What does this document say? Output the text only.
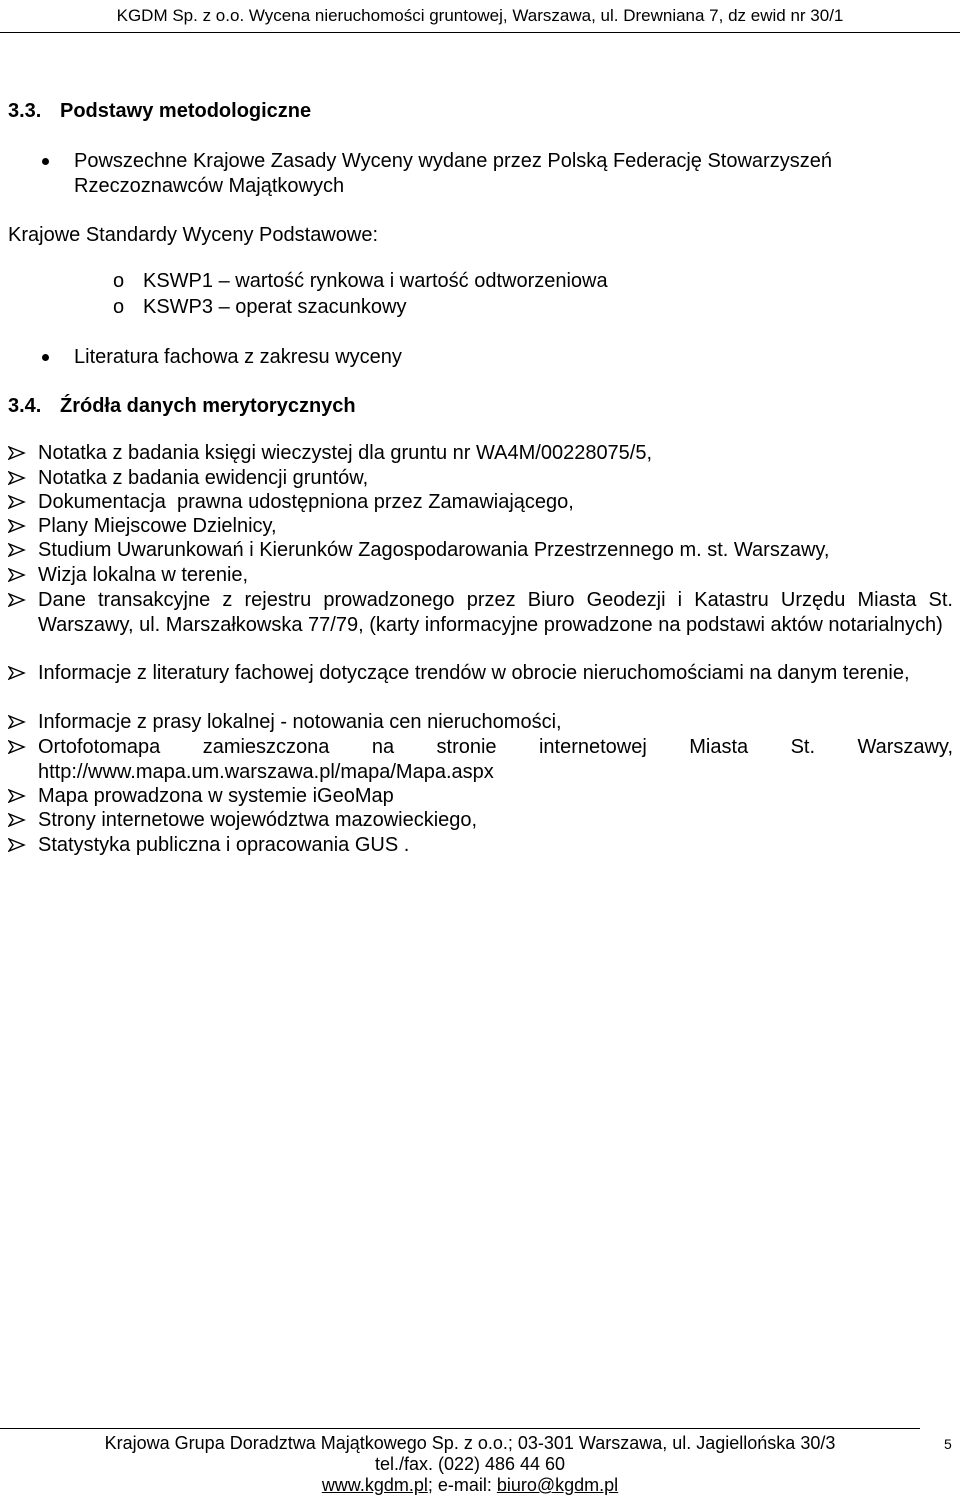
KGDM Sp. z o.o. Wycena nieruchomości gruntowej, Warszawa, ul. Drewniana 7, dz ewid nr 30/1
3.3. Podstawy metodologiczne
Powszechne Krajowe Zasady Wyceny wydane przez Polską Federację Stowarzyszeń
Rzeczoznawców Majątkowych
Krajowe Standardy Wyceny Podstawowe:
o KSWP1 – wartość rynkowa i wartość odtworzeniowa
o KSWP3 – operat szacunkowy
Literatura fachowa z zakresu wyceny
3.4. Źródła danych merytorycznych
Notatka z badania księgi wieczystej dla gruntu nr WA4M/00228075/5,
Notatka z badania ewidencji gruntów,
Dokumentacja  prawna udostępniona przez Zamawiającego,
Plany Miejscowe Dzielnicy,
Studium Uwarunkowań i Kierunków Zagospodarowania Przestrzennego m. st. Warszawy,
Wizja lokalna w terenie,
Dane transakcyjne z rejestru prowadzonego przez Biuro Geodezji i Katastru Urzędu Miasta St. Warszawy, ul. Marszałkowska 77/79, (karty informacyjne prowadzone na podstawi aktów notarialnych)
Informacje z literatury fachowej dotyczące trendów w obrocie nieruchomościami na danym terenie,
Informacje z prasy lokalnej - notowania cen nieruchomości,
Ortofotomapa zamieszczona na stronie internetowej Miasta St. Warszawy,
http://www.mapa.um.warszawa.pl/mapa/Mapa.aspx
Mapa prowadzona w systemie iGeoMap
Strony internetowe województwa mazowieckiego,
Statystyka publiczna i opracowania GUS .
Krajowa Grupa Doradztwa Majątkowego Sp. z o.o.; 03-301 Warszawa, ul. Jagiellońska 30/3
tel./fax. (022) 486 44 60
www.kgdm.pl; e-mail: biuro@kgdm.pl
5
